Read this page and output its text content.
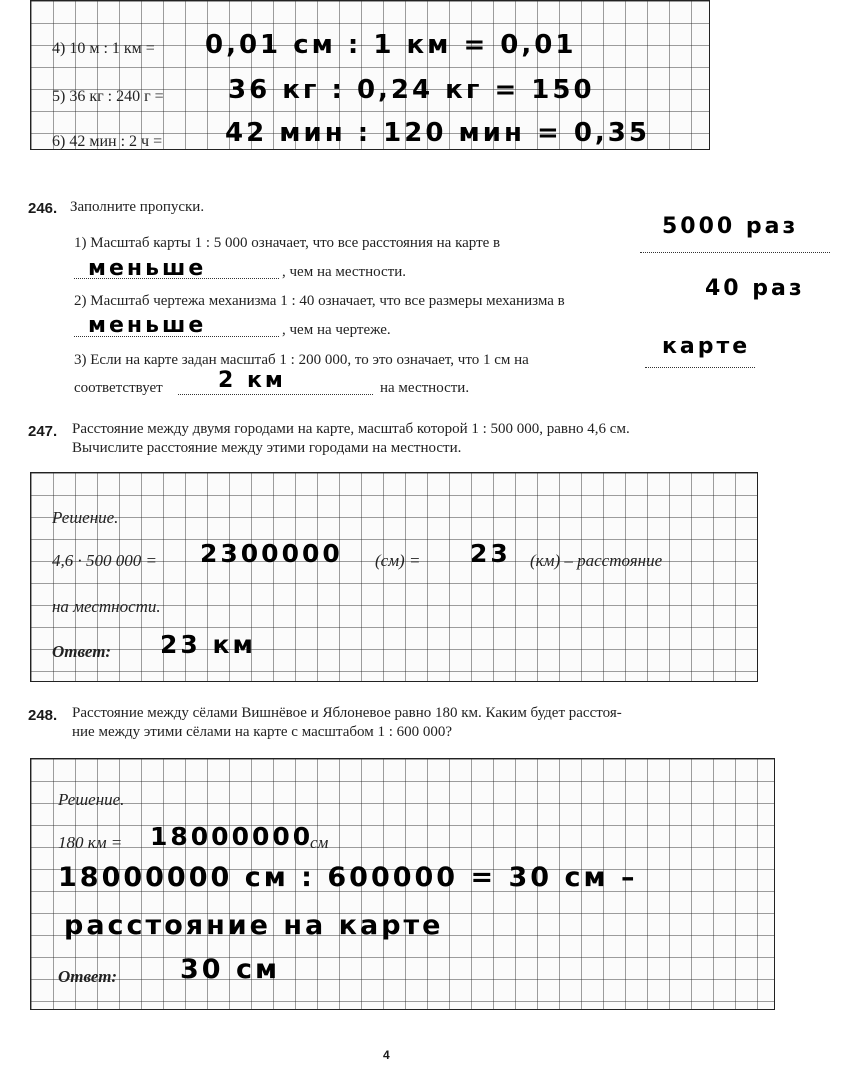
4) 10 м : 1 км = 0,01 см : 1 км = 0,01
5) 36 кг : 240 г = 36 кг : 0,24 кг = 150
6) 42 мин : 2 ч = 42 мин : 120 мин = 0,35
246. Заполните пропуски.
1) Масштаб карты 1 : 5 000 означает, что все расстояния на карте в
5000 раз
меньше	, чем на местности.
2) Масштаб чертежа механизма 1 : 40 означает, что все размеры механизма в	40 раз
меньше	, чем на чертеже.
3) Если на карте задан масштаб 1 : 200 000, то это означает, что 1 см на
карте
соответствует	2 км	на местности.
247. Расстояние между двумя городами на карте, масштаб которой 1 : 500 000, равно 4,6 см.
Вычислите расстояние между этими городами на местности.
Решение.
4,6 · 500 000 = 2300000 (см) = 23 (км) – расстояние
на местности.
Ответ: 23 км
248. Расстояние между сёлами Вишнёвое и Яблоневое равно 180 км. Каким будет расстоя-
ние между этими сёлами на карте с масштабом 1 : 600 000?
Решение.
180 км = 18000000
см
18000000 см : 600000 = 30 см –
расстояние на карте
Ответ: 30 см
4
